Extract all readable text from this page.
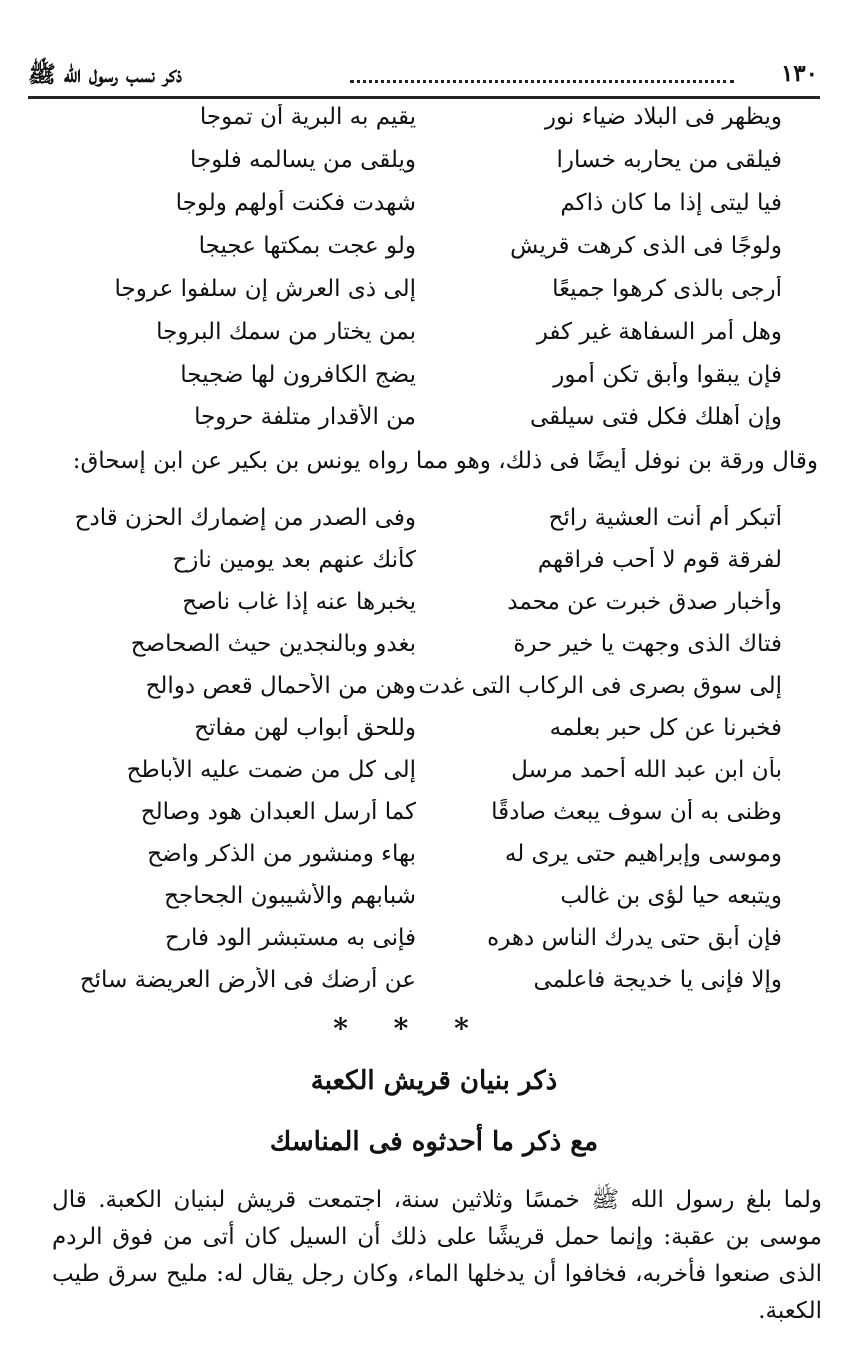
١٣٠
ذكر نسب رسول الله ﷺ
ويظهر فى البلاد ضياء نور
يقيم به البرية أن تموجا
فيلقى من يحاربه خسارا
ويلقى من يسالمه فلوجا
فيا ليتى إذا ما كان ذاكم
شهدت فكنت أولهم ولوجا
ولوجًا فى الذى كرهت قريش
ولو عجت بمكتها عجيجا
أرجى بالذى كرهوا جميعًا
إلى ذى العرش إن سلفوا عروجا
وهل أمر السفاهة غير كفر
بمن يختار من سمك البروجا
فإن يبقوا وأبق تكن أمور
يضج الكافرون لها ضجيجا
وإن أهلك فكل فتى سيلقى
من الأقدار متلفة حروجا
وقال ورقة بن نوفل أيضًا فى ذلك، وهو مما رواه يونس بن بكير عن ابن إسحاق:
أتبكر أم أنت العشية رائح
وفى الصدر من إضمارك الحزن قادح
لفرقة قوم لا أحب فراقهم
كأنك عنهم بعد يومين نازح
وأخبار صدق خبرت عن محمد
يخبرها عنه إذا غاب ناصح
فتاك الذى وجهت يا خير حرة
بغدو وبالنجدين حيث الصحاصح
إلى سوق بصرى فى الركاب التى غدت
وهن من الأحمال قعص دوالح
فخبرنا عن كل حبر بعلمه
وللحق أبواب لهن مفاتح
بأن ابن عبد الله أحمد مرسل
إلى كل من ضمت عليه الأباطح
وظنى به أن سوف يبعث صادقًا
كما أرسل العبدان هود وصالح
وموسى وإبراهيم حتى يرى له
بهاء ومنشور من الذكر واضح
ويتبعه حيا لؤى بن غالب
شبابهم والأشيبون الجحاجح
فإن أبق حتى يدرك الناس دهره
فإنى به مستبشر الود فارح
وإلا فإنى يا خديجة فاعلمى
عن أرضك فى الأرض العريضة سائح
* * *
ذكر بنيان قريش الكعبة
مع ذكر ما أحدثوه فى المناسك

ولما بلغ رسول الله ﷺ خمسًا وثلاثين سنة، اجتمعت قريش لبنيان الكعبة. قال موسى بن عقبة: وإنما حمل قريشًا على ذلك أن السيل كان أتى من فوق الردم الذى صنعوا فأخربه، فخافوا أن يدخلها الماء، وكان رجل يقال له: مليح سرق طيب الكعبة.
